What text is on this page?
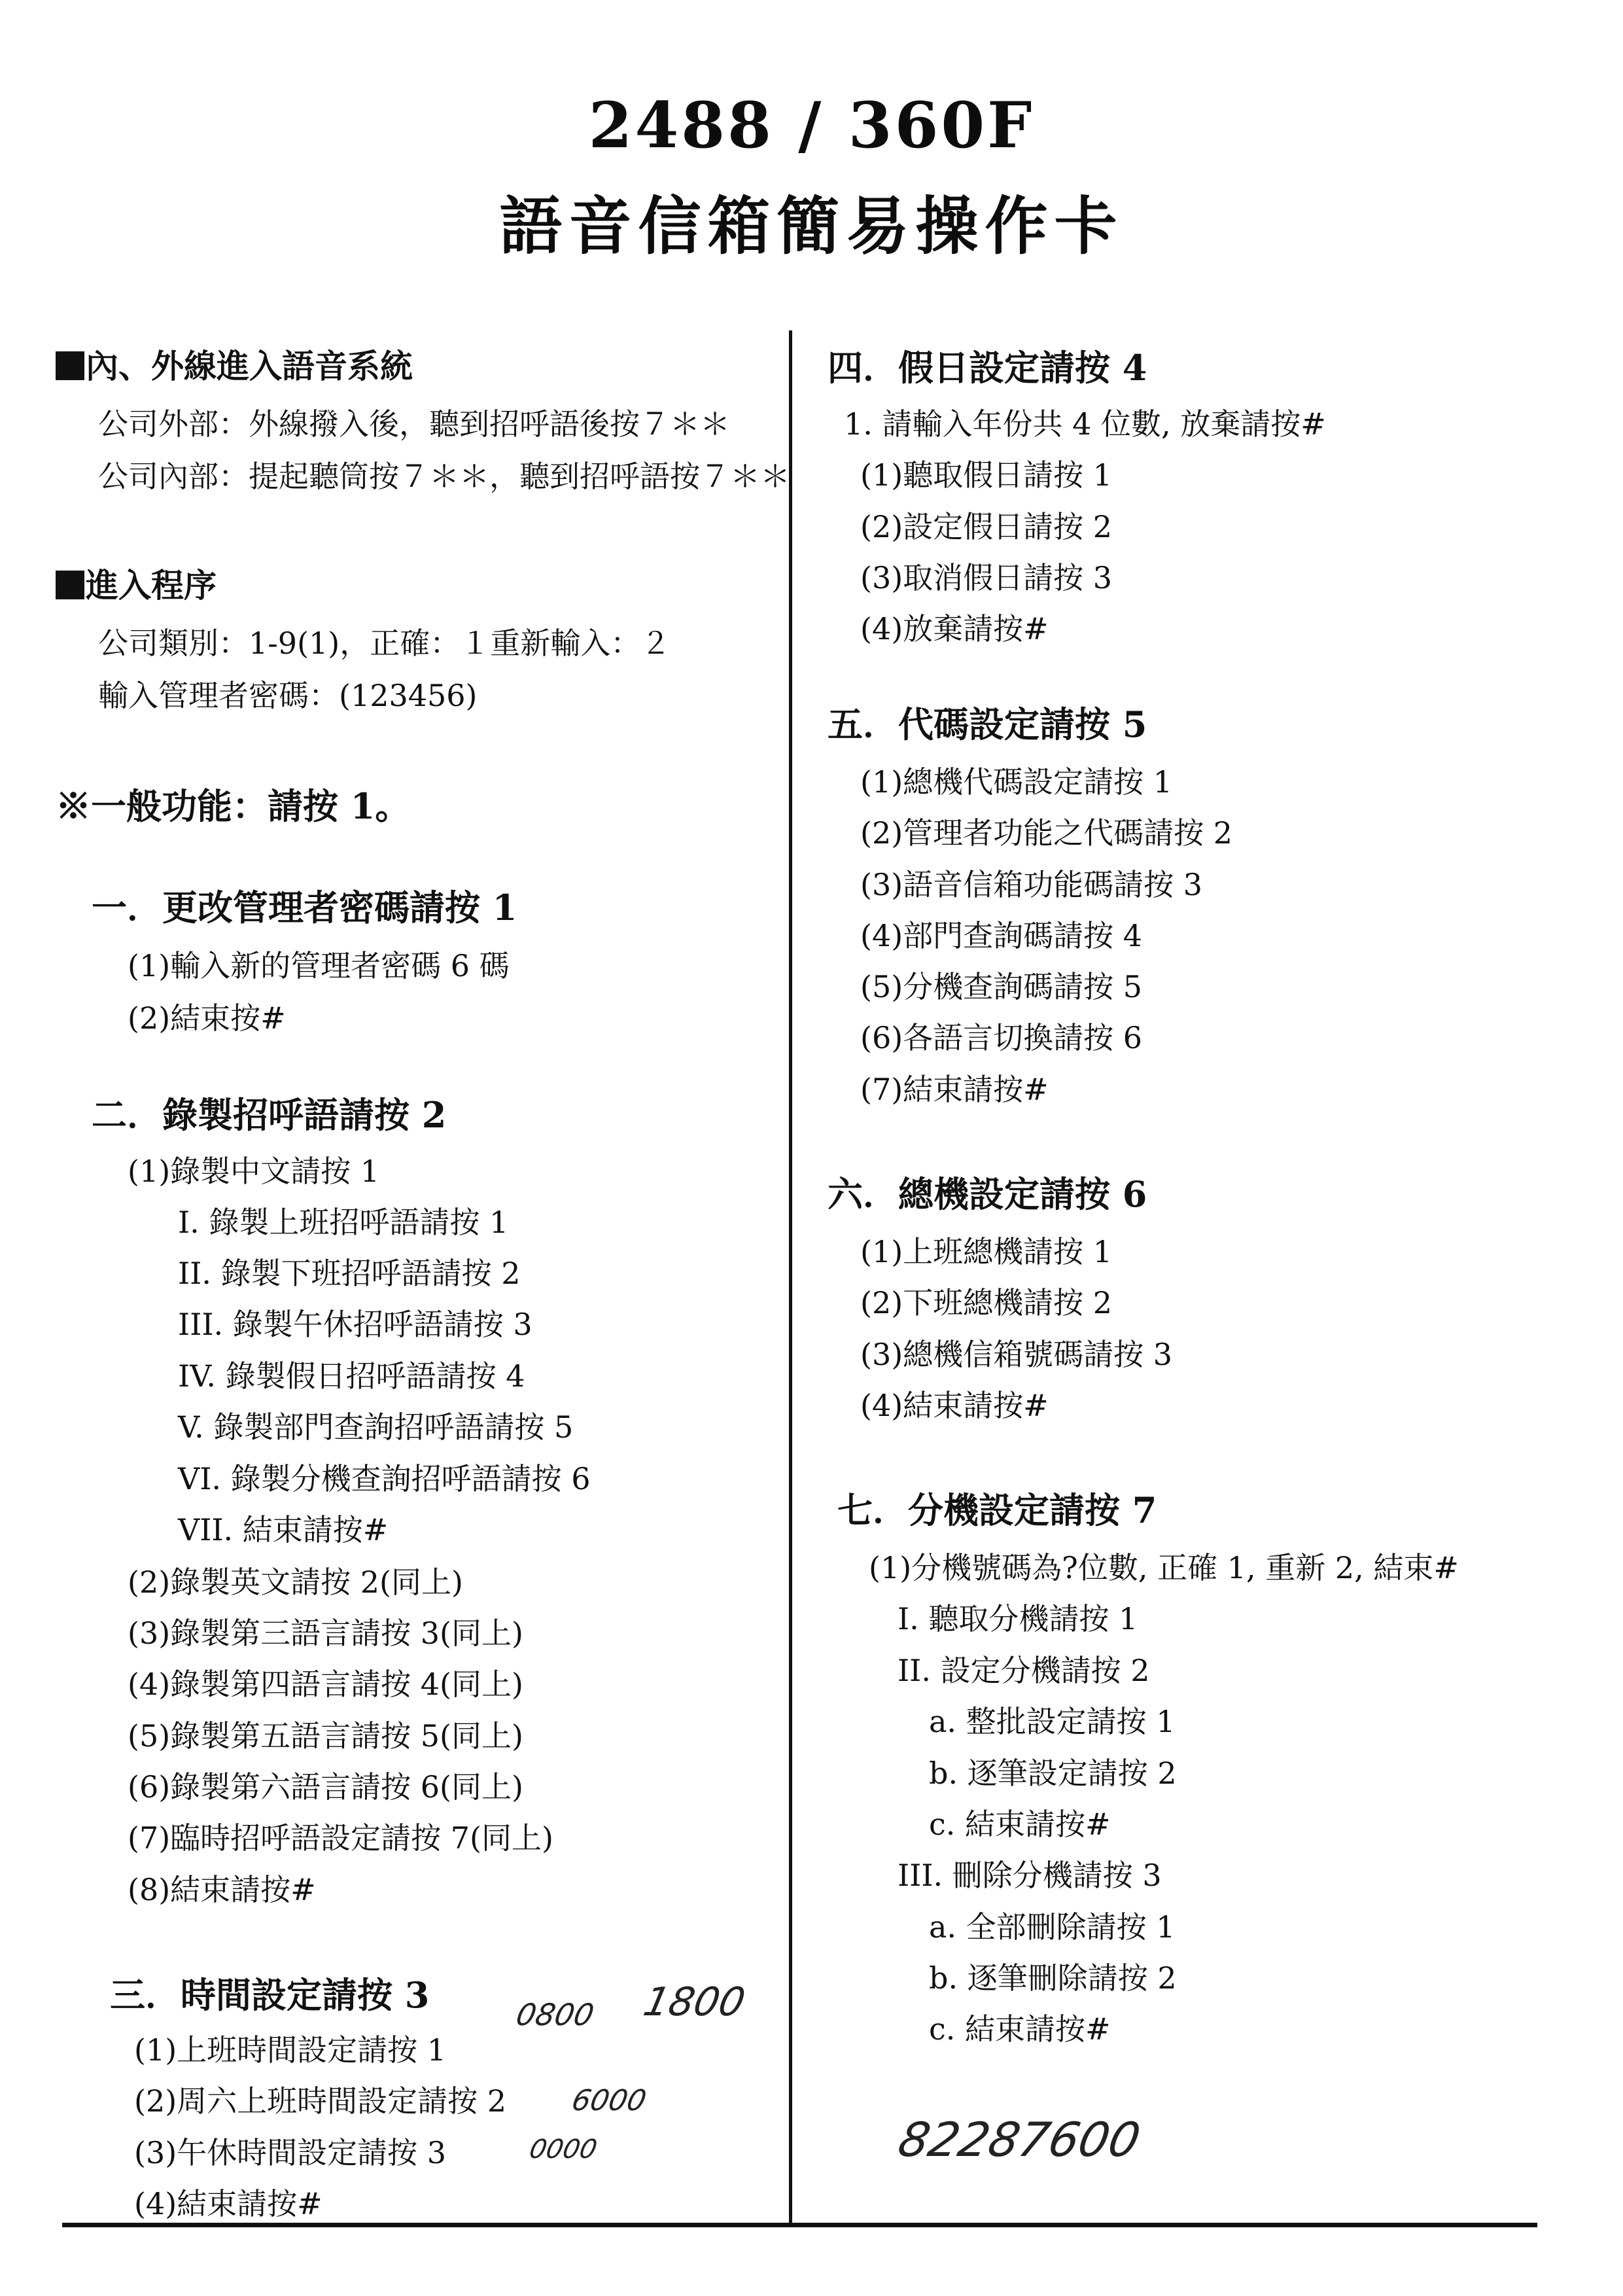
2488 / 360F
語音信箱簡易操作卡
內、外線進入語音系統
公司外部：外線撥入後，聽到招呼語後按７＊＊
公司內部：提起聽筒按７＊＊，聽到招呼語按７＊＊
進入程序
公司類別：1-9(1)，正確：１重新輸入：２
輸入管理者密碼：(123456)
※一般功能：請按 1。
一．更改管理者密碼請按 1
(1)輸入新的管理者密碼 6 碼
(2)結束按#
二．錄製招呼語請按 2
(1)錄製中文請按 1
I. 錄製上班招呼語請按 1
II. 錄製下班招呼語請按 2
III. 錄製午休招呼語請按 3
IV. 錄製假日招呼語請按 4
V. 錄製部門查詢招呼語請按 5
VI. 錄製分機查詢招呼語請按 6
VII. 結束請按#
(2)錄製英文請按 2(同上)
(3)錄製第三語言請按 3(同上)
(4)錄製第四語言請按 4(同上)
(5)錄製第五語言請按 5(同上)
(6)錄製第六語言請按 6(同上)
(7)臨時招呼語設定請按 7(同上)
(8)結束請按#
三．時間設定請按 3
(1)上班時間設定請按 1
(2)周六上班時間設定請按 2
(3)午休時間設定請按 3
(4)結束請按#
四．假日設定請按 4
1. 請輸入年份共 4 位數, 放棄請按#
(1)聽取假日請按 1
(2)設定假日請按 2
(3)取消假日請按 3
(4)放棄請按#
五．代碼設定請按 5
(1)總機代碼設定請按 1
(2)管理者功能之代碼請按 2
(3)語音信箱功能碼請按 3
(4)部門查詢碼請按 4
(5)分機查詢碼請按 5
(6)各語言切換請按 6
(7)結束請按#
六．總機設定請按 6
(1)上班總機請按 1
(2)下班總機請按 2
(3)總機信箱號碼請按 3
(4)結束請按#
七．分機設定請按 7
(1)分機號碼為?位數, 正確 1, 重新 2, 結束#
I. 聽取分機請按 1
II. 設定分機請按 2
a. 整批設定請按 1
b. 逐筆設定請按 2
c. 結束請按#
III. 刪除分機請按 3
a. 全部刪除請按 1
b. 逐筆刪除請按 2
c. 結束請按#
0800 1800
6000
0000	82287600
